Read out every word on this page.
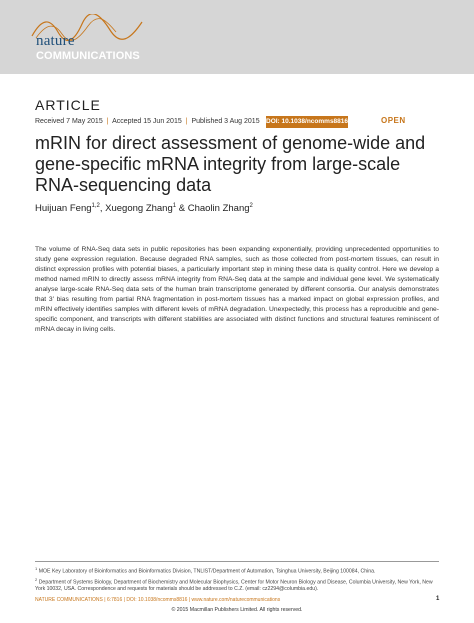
nature
COMMUNICATIONS
ARTICLE
Received 7 May 2015 | Accepted 15 Jun 2015 | Published 3 Aug 2015 DOI: 10.1038/ncomms8816	OPEN
mRIN for direct assessment of genome-wide and gene-specific mRNA integrity from large-scale RNA-sequencing data
Huijuan Feng$^{1,2}$, Xuegong Zhang$^1$ & Chaolin Zhang$^2$
The volume of RNA-Seq data sets in public repositories has been expanding exponentially, providing unprecedented opportunities to study gene expression regulation. Because degraded RNA samples, such as those collected from post-mortem tissues, can result in distinct expression profiles with potential biases, a particularly important step in mining these data is quality control. Here we develop a method named mRIN to directly assess mRNA integrity from RNA-Seq data at the sample and individual gene level. We systematically analyse large-scale RNA-Seq data sets of the human brain transcriptome generated by different consortia. Our analysis demonstrates that 3′ bias resulting from partial RNA fragmentation in post-mortem tissues has a marked impact on global expression profiles, and mRIN effectively identifies samples with different levels of mRNA degradation. Unexpectedly, this process has a reproducible and gene-specific component, and transcripts with different stabilities are associated with distinct functions and structural features reminiscent of mRNA decay in living cells.
$^1$ MOE Key Laboratory of Bioinformatics and Bioinformatics Division, TNLIST/Department of Automation, Tsinghua University, Beijing 100084, China.
$^2$ Department of Systems Biology, Department of Biochemistry and Molecular Biophysics, Center for Motor Neuron Biology and Disease, Columbia University, New York, New York 10032, USA. Correspondence and requests for materials should be addressed to C.Z. (email: cz2294@columbia.edu).
NATURE COMMUNICATIONS | 6:7816 | DOI: 10.1038/ncomms8816 | www.nature.com/naturecommunications	1
© 2015 Macmillan Publishers Limited. All rights reserved.
